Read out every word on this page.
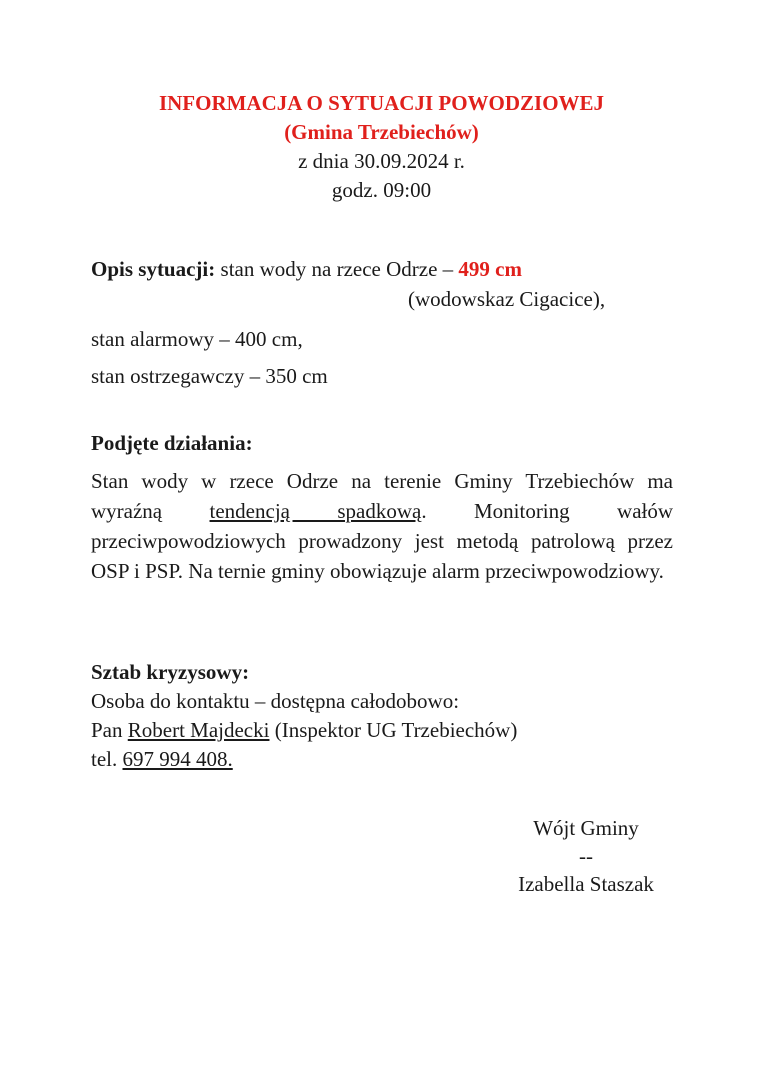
INFORMACJA O SYTUACJI POWODZIOWEJ
(Gmina Trzebiechów)
z dnia 30.09.2024 r.
godz. 09:00

Opis sytuacji: stan wody na rzece Odrze – 499 cm

(wodowskaz Cigacice),

stan alarmowy – 400 cm,

stan ostrzegawczy – 350 cm

Podjęte działania:

Stan wody w rzece Odrze na terenie Gminy Trzebiechów ma wyraźną tendencją spadkową. Monitoring wałów przeciwpowodziowych prowadzony jest metodą patrolową przez OSP i PSP. Na ternie gminy obowiązuje alarm przeciwpowodziowy.

Sztab kryzysowy:
Osoba do kontaktu – dostępna całodobowo:
Pan Robert Majdecki (Inspektor UG Trzebiechów)
tel. 697 994 408.
Wójt Gminy
--
Izabella Staszak
